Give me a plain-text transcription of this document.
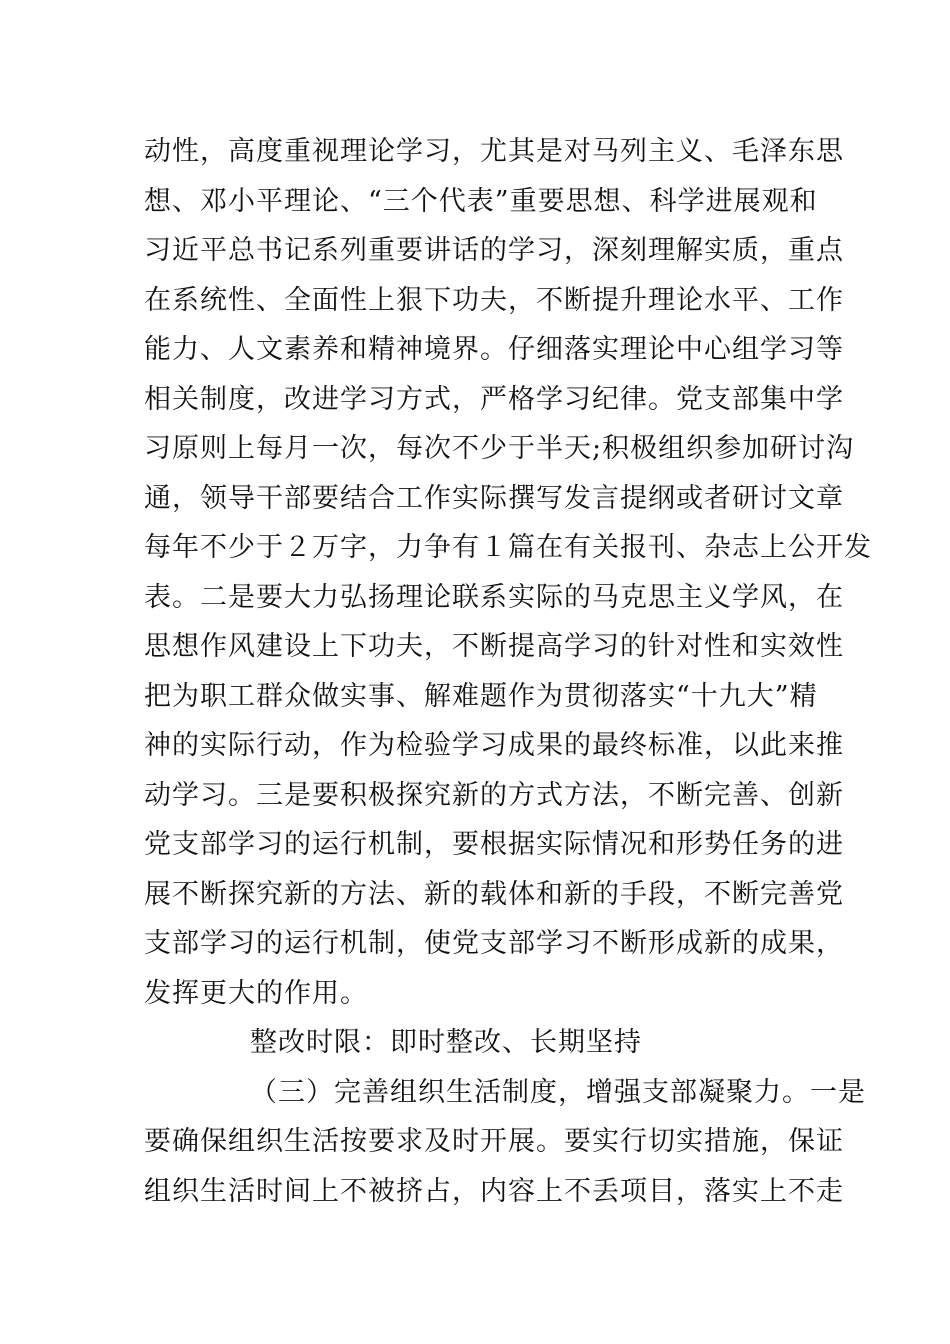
动性，高度重视理论学习，尤其是对马列主义、毛泽东思
想、邓小平理论、“三个代表”重要思想、科学进展观和
习近平总书记系列重要讲话的学习，深刻理解实质，重点
在系统性、全面性上狠下功夫，不断提升理论水平、工作
能力、人文素养和精神境界。仔细落实理论中心组学习等
相关制度，改进学习方式，严格学习纪律。党支部集中学
习原则上每月一次，每次不少于半天;积极组织参加研讨沟
通，领导干部要结合工作实际撰写发言提纲或者研讨文章
每年不少于２万字，力争有１篇在有关报刊、杂志上公开发
表。二是要大力弘扬理论联系实际的马克思主义学风，在
思想作风建设上下功夫，不断提高学习的针对性和实效性
把为职工群众做实事、解难题作为贯彻落实“十九大”精
神的实际行动，作为检验学习成果的最终标准，以此来推
动学习。三是要积极探究新的方式方法，不断完善、创新
党支部学习的运行机制，要根据实际情况和形势任务的进
展不断探究新的方法、新的载体和新的手段，不断完善党
支部学习的运行机制，使党支部学习不断形成新的成果，
发挥更大的作用。
整改时限：即时整改、长期坚持
（三）完善组织生活制度，增强支部凝聚力。一是
要确保组织生活按要求及时开展。要实行切实措施，保证
组织生活时间上不被挤占，内容上不丢项目，落实上不走
